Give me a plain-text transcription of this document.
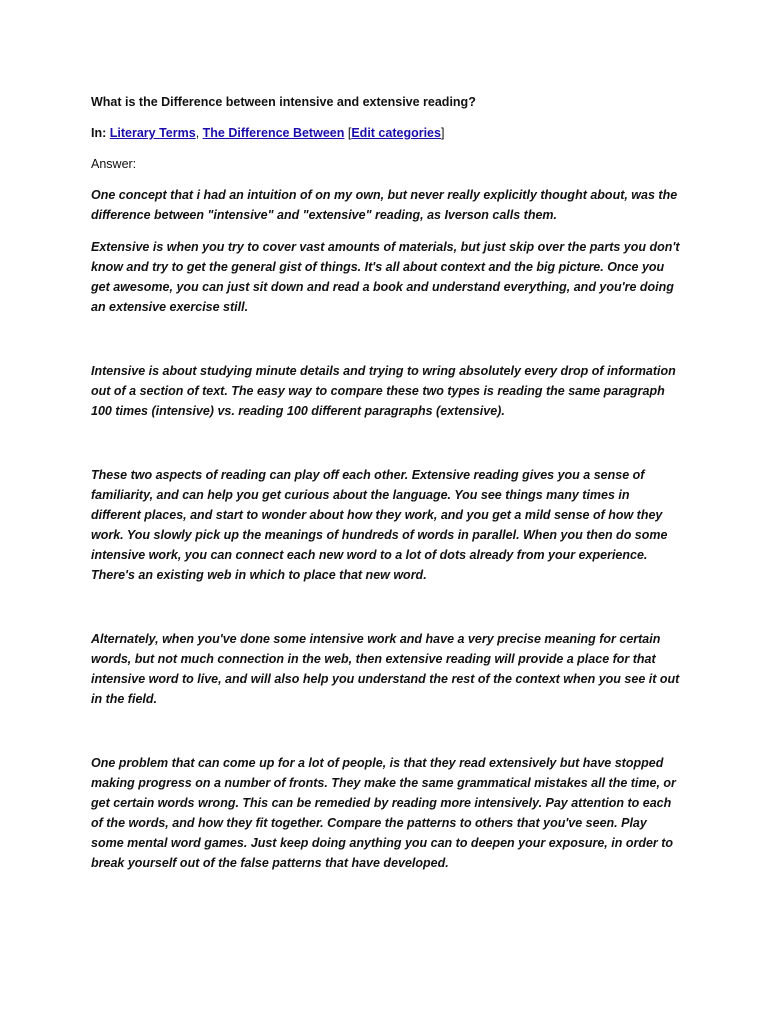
What is the Difference between intensive and extensive reading?

In: Literary Terms, The Difference Between [Edit categories]

Answer:

One concept that i had an intuition of on my own, but never really explicitly thought about, was the difference between "intensive" and "extensive" reading, as Iverson calls them.

Extensive is when you try to cover vast amounts of materials, but just skip over the parts you don't know and try to get the general gist of things. It's all about context and the big picture. Once you get awesome, you can just sit down and read a book and understand everything, and you're doing an extensive exercise still.

Intensive is about studying minute details and trying to wring absolutely every drop of information out of a section of text. The easy way to compare these two types is reading the same paragraph 100 times (intensive) vs. reading 100 different paragraphs (extensive).

These two aspects of reading can play off each other. Extensive reading gives you a sense of familiarity, and can help you get curious about the language. You see things many times in different places, and start to wonder about how they work, and you get a mild sense of how they work. You slowly pick up the meanings of hundreds of words in parallel. When you then do some intensive work, you can connect each new word to a lot of dots already from your experience. There's an existing web in which to place that new word.

Alternately, when you've done some intensive work and have a very precise meaning for certain words, but not much connection in the web, then extensive reading will provide a place for that intensive word to live, and will also help you understand the rest of the context when you see it out in the field.

One problem that can come up for a lot of people, is that they read extensively but have stopped making progress on a number of fronts. They make the same grammatical mistakes all the time, or get certain words wrong. This can be remedied by reading more intensively. Pay attention to each of the words, and how they fit together. Compare the patterns to others that you've seen. Play some mental word games. Just keep doing anything you can to deepen your exposure, in order to break yourself out of the false patterns that have developed.
